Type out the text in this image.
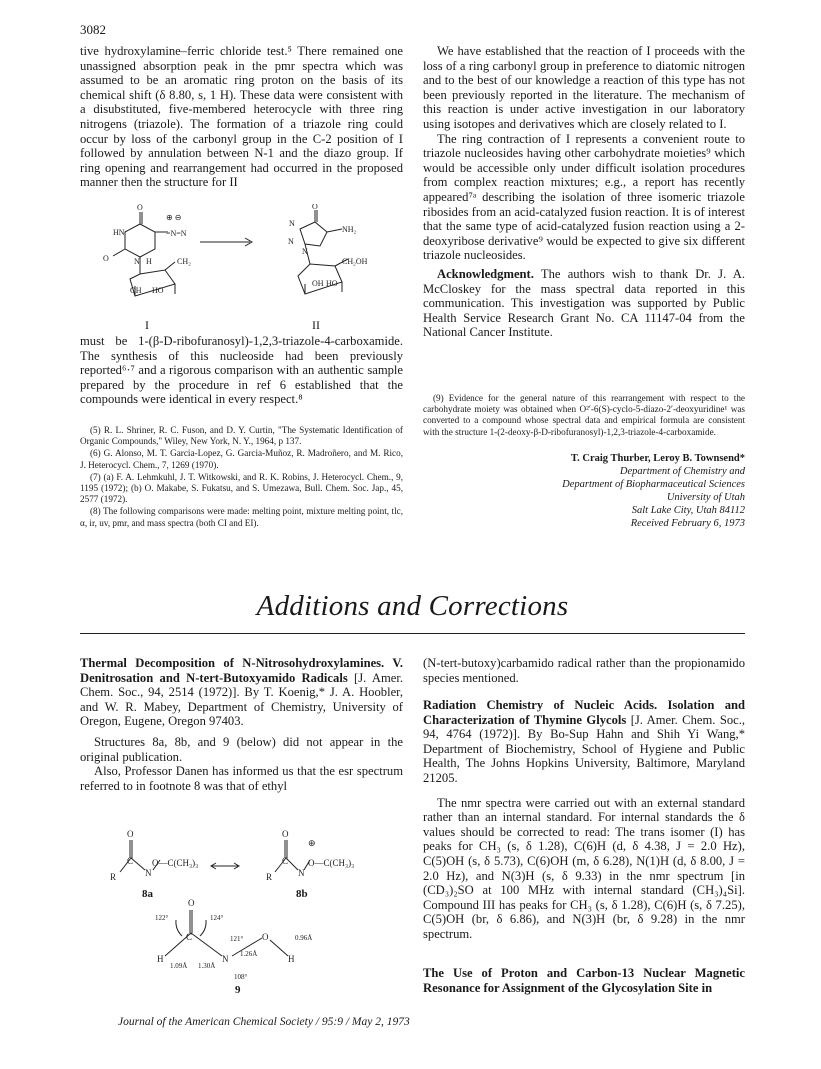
3082

tive hydroxylamine–ferric chloride test.⁵ There remained one unassigned absorption peak in the pmr spectra which was assumed to be an aromatic ring proton on the basis of its chemical shift (δ 8.80, s, 1 H). These data were consistent with a disubstituted, five-membered heterocycle with three ring nitrogens (triazole). The formation of a triazole ring could occur by loss of the carbonyl group in the C-2 position of I followed by annulation between N-1 and the diazo group. If ring opening and rearrangement had occurred in the proposed manner then the structure for II

O
HN
O
⊕ ⊖
=N=N
N H	CH₂
OH HO
O
NH₂
N
N
N
CH₂OH
OH HO
I	II

must be 1-(β-D-ribofuranosyl)-1,2,3-triazole-4-carboxamide. The synthesis of this nucleoside had been previously reported⁶·⁷ and a rigorous comparison with an authentic sample prepared by the procedure in ref 6 established that the compounds were identical in every respect.⁸

(5) R. L. Shriner, R. C. Fuson, and D. Y. Curtin, "The Systematic Identification of Organic Compounds," Wiley, New York, N. Y., 1964, p 137.

(6) G. Alonso, M. T. Garcia-Lopez, G. Garcia-Muñoz, R. Madroñero, and M. Rico, J. Heterocycl. Chem., 7, 1269 (1970).

(7) (a) F. A. Lehmkuhl, J. T. Witkowski, and R. K. Robins, J. Heterocycl. Chem., 9, 1195 (1972); (b) O. Makabe, S. Fukatsu, and S. Umezawa, Bull. Chem. Soc. Jap., 45, 2577 (1972).

(8) The following comparisons were made: melting point, mixture melting point, tlc, α, ir, uv, pmr, and mass spectra (both CI and EI).

We have established that the reaction of I proceeds with the loss of a ring carbonyl group in preference to diatomic nitrogen and to the best of our knowledge a reaction of this type has not been previously reported in the literature. The mechanism of this reaction is under active investigation in our laboratory using isotopes and derivatives which are closely related to I.

The ring contraction of I represents a convenient route to triazole nucleosides having other carbohydrate moieties⁹ which would be accessible only under difficult isolation procedures from complex reaction mixtures; e.g., a report has recently appeared⁷ᵃ describing the isolation of three isomeric triazole ribosides from an acid-catalyzed fusion reaction. It is of interest that the same type of acid-catalyzed fusion reaction using a 2-deoxyribose derivative⁹ would be expected to give six different triazole nucleosides.

Acknowledgment. The authors wish to thank Dr. J. A. McCloskey for the mass spectral data reported in this communication. This investigation was supported by Public Health Service Research Grant No. CA 11147-04 from the National Cancer Institute.

(9) Evidence for the general nature of this rearrangement with respect to the carbohydrate moiety was obtained when O²′-6(S)-cyclo-5-diazo-2′-deoxyuridine¹ was converted to a compound whose spectral data and empirical formula are consistent with the structure 1-(2-deoxy-β-D-ribofuranosyl)-1,2,3-triazole-4-carboxamide.

T. Craig Thurber, Leroy B. Townsend*
Department of Chemistry and
Department of Biopharmaceutical Sciences
University of Utah
Salt Lake City, Utah 84112
Received February 6, 1973
Additions and Corrections

Thermal Decomposition of N-Nitrosohydroxylamines. V. Denitrosation and N-tert-Butoxyamido Radicals [J. Amer. Chem. Soc., 94, 2514 (1972)]. By T. Koenig,* J. A. Hoobler, and W. R. Mabey, Department of Chemistry, University of Oregon, Eugene, Oregon 97403.

Structures 8a, 8b, and 9 (below) did not appear in the original publication.

Also, Professor Danen has informed us that the esr spectrum referred to in footnote 8 was that of ethyl

O
C
R	N
O—C(CH₃)₃
O
C
R	N
⊕
O—C(CH₃)₃
O
122°	124°
C
H
1.09Å 1.30Å
N
121°
1.26Å
O	0.96Å
H
108°
8a	8b
9

(N-tert-butoxy)carbamido radical rather than the propionamido species mentioned.

Radiation Chemistry of Nucleic Acids. Isolation and Characterization of Thymine Glycols [J. Amer. Chem. Soc., 94, 4764 (1972)]. By Bo-Sup Hahn and Shih Yi Wang,* Department of Biochemistry, School of Hygiene and Public Health, The Johns Hopkins University, Baltimore, Maryland 21205.

The nmr spectra were carried out with an external standard rather than an internal standard. For internal standards the δ values should be corrected to read: The trans isomer (I) has peaks for CH₃ (s, δ 1.28), C(6)H (d, δ 4.38, J = 2.0 Hz), C(5)OH (s, δ 5.73), C(6)OH (m, δ 6.28), N(1)H (d, δ 8.00, J = 2.0 Hz), and N(3)H (s, δ 9.33) in the nmr spectrum [in (CD₃)₂SO at 100 MHz with internal standard (CH₃)₄Si]. Compound III has peaks for CH₃ (s, δ 1.28), C(6)H (s, δ 7.25), C(5)OH (br, δ 6.86), and N(3)H (br, δ 9.28) in the nmr spectrum.

The Use of Proton and Carbon-13 Nuclear Magnetic Resonance for Assignment of the Glycosylation Site in

Journal of the American Chemical Society / 95:9 / May 2, 1973
